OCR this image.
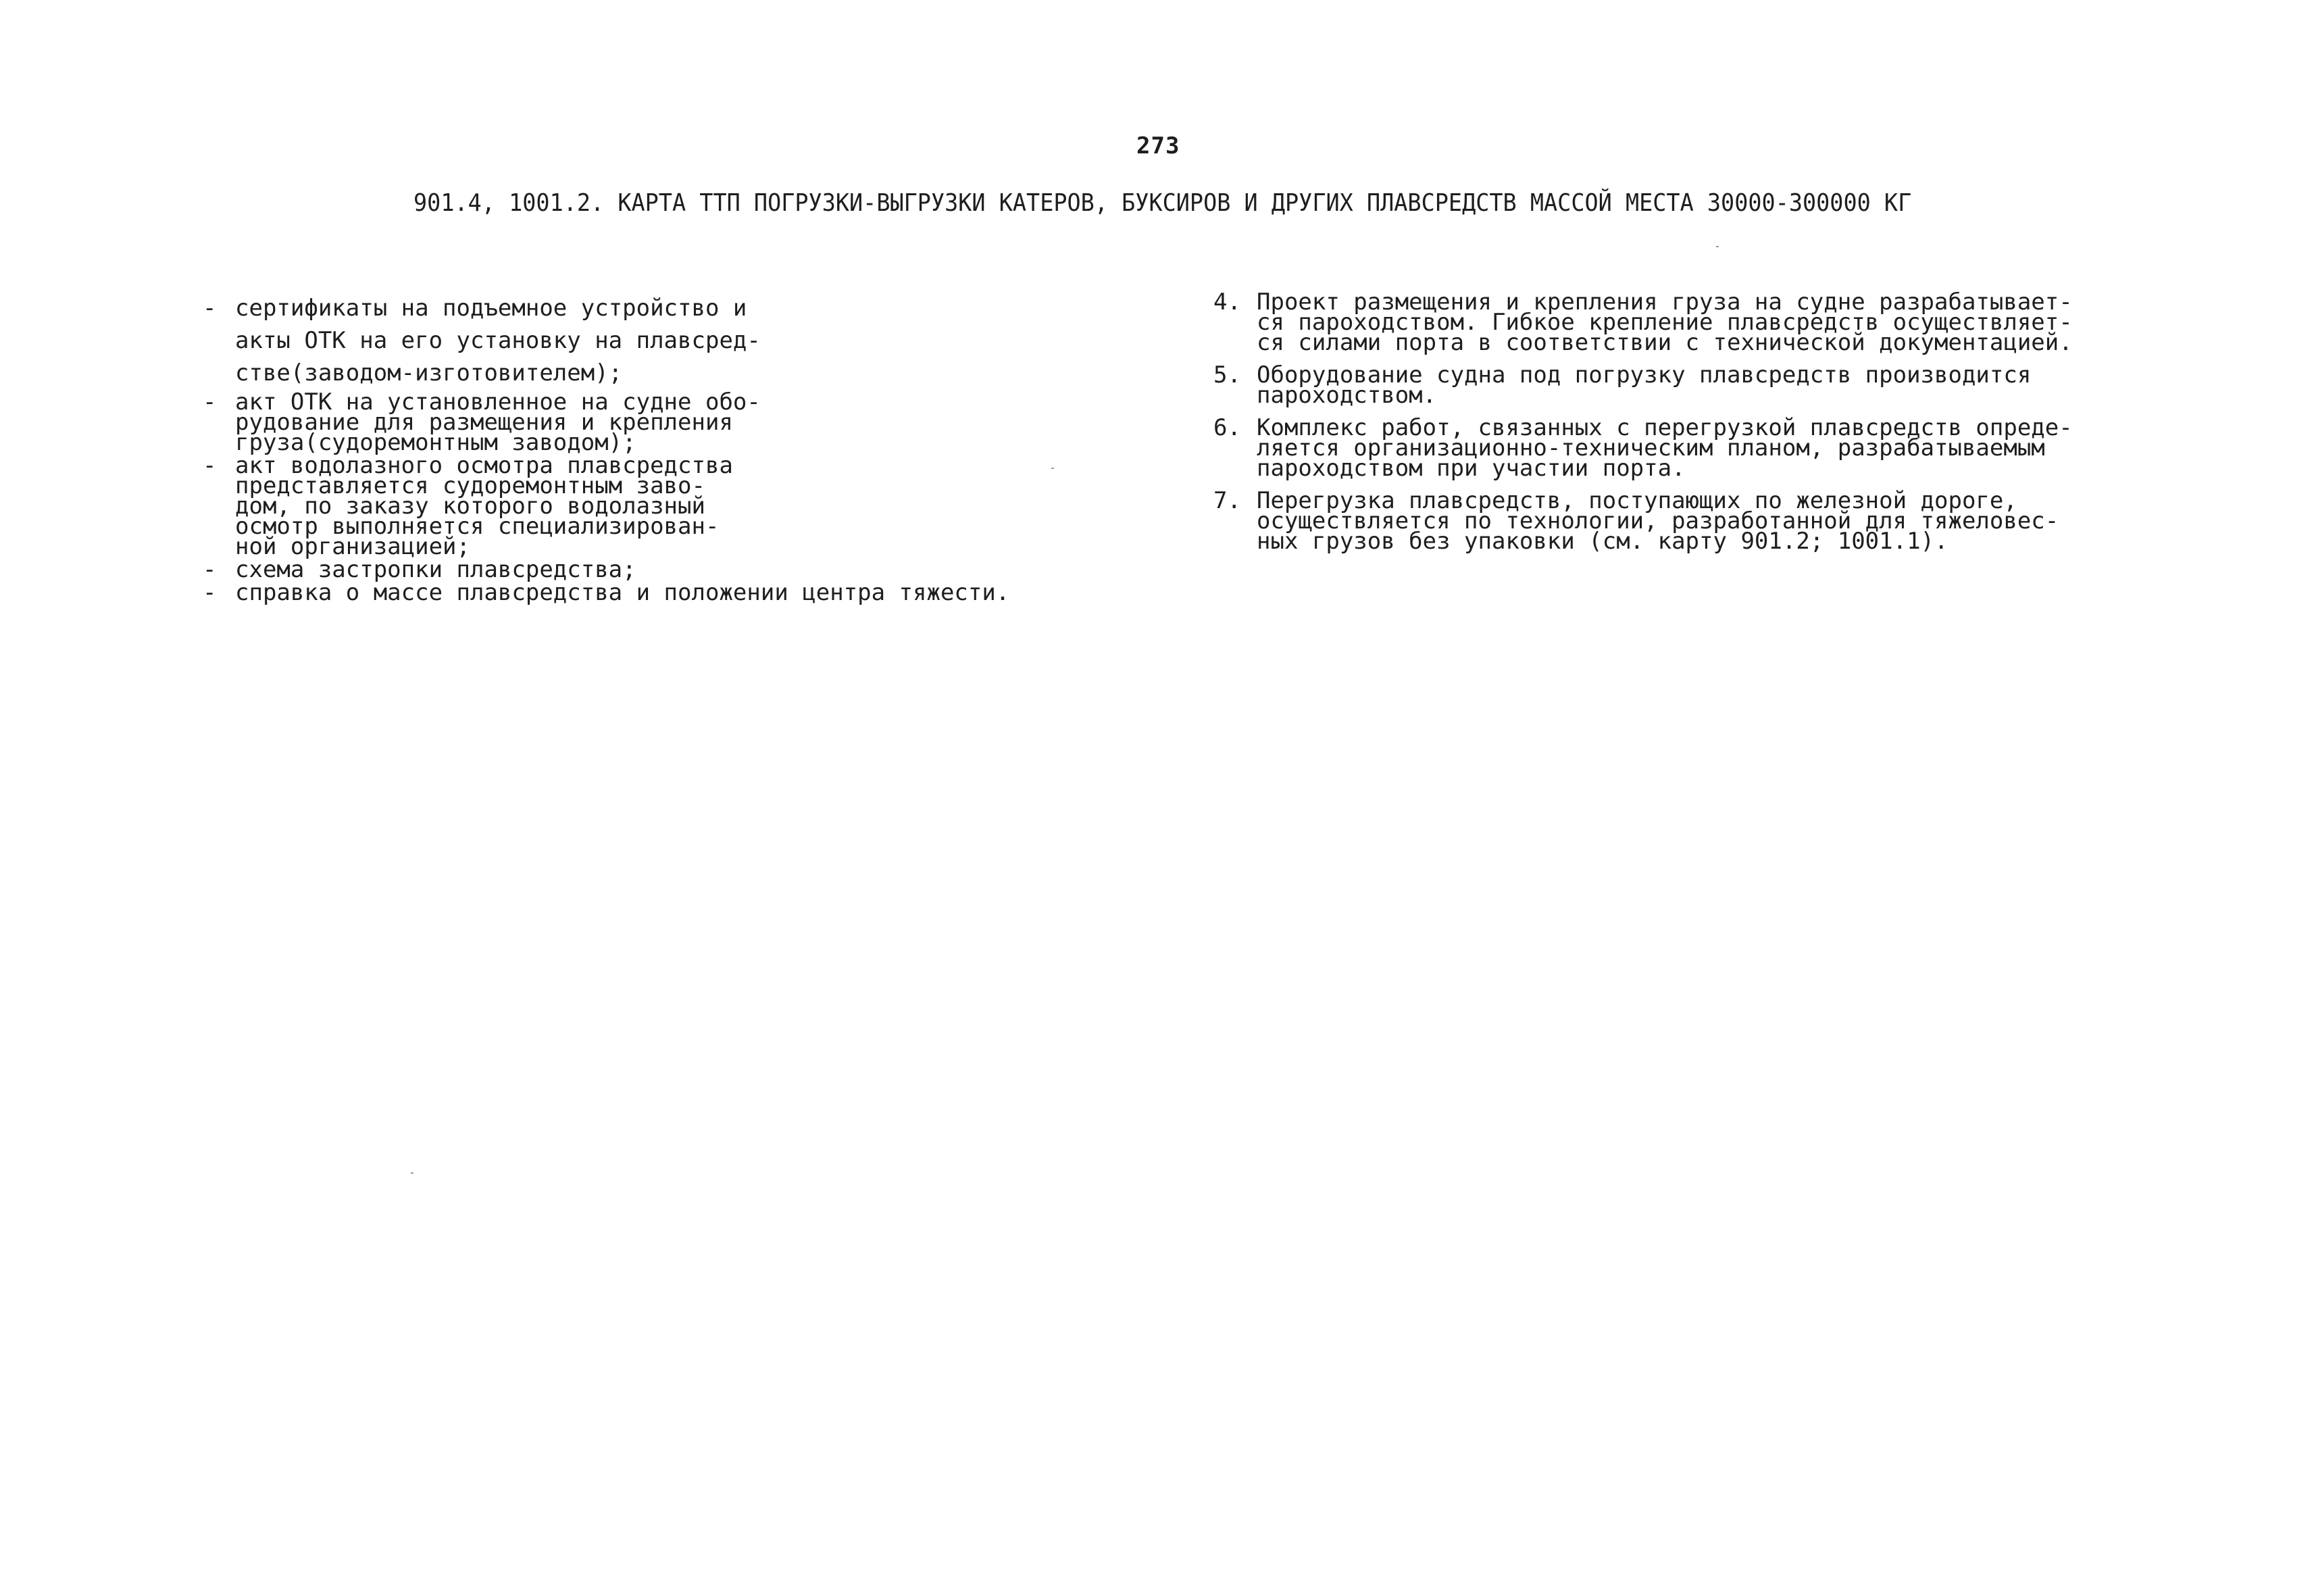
273
901.4, 1001.2. КАРТА ТТП ПОГРУЗКИ-ВЫГРУЗКИ КАТЕРОВ, БУКСИРОВ И ДРУГИХ ПЛАВСРЕДСТВ МАССОЙ МЕСТА 30000-300000 КГ
- сертификаты на подъемное устройство и
акты ОТК на его установку на плавсред-
стве(заводом-изготовителем);
- акт ОТК на установленное на судне обо-
рудование для размещения и крепления
груза(судоремонтным заводом);
- акт водолазного осмотра плавсредства
представляется судоремонтным заво-
дом, по заказу которого водолазный
осмотр выполняется специализирован-
ной организацией;
- схема застропки плавсредства;
- справка о массе плавсредства и положении центра тяжести.
4. Проект размещения и крепления груза на судне разрабатывает-
ся пароходством. Гибкое крепление плавсредств осуществляет-
ся силами порта в соответствии с технической документацией.
5. Оборудование судна под погрузку плавсредств производится
пароходством.
6. Комплекс работ, связанных с перегрузкой плавсредств опреде-
ляется организационно-техническим планом, разрабатываемым
пароходством при участии порта.
7. Перегрузка плавсредств, поступающих по железной дороге,
осуществляется по технологии, разработанной для тяжеловес-
ных грузов без упаковки (см. карту 901.2; 1001.1).
